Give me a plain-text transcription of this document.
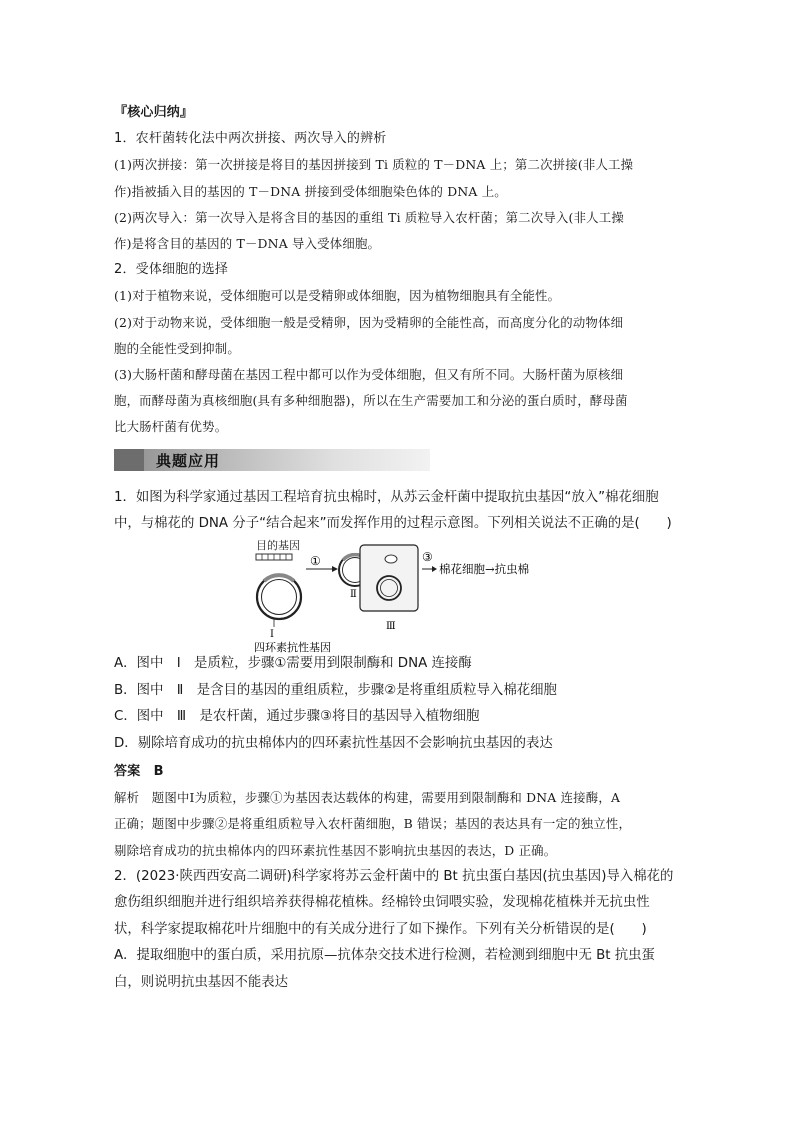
『核心归纳』
1．农杆菌转化法中两次拼接、两次导入的辨析
(1)两次拼接：第一次拼接是将目的基因拼接到 Ti 质粒的 T－DNA 上；第二次拼接(非人工操
作)指被插入目的基因的 T－DNA 拼接到受体细胞染色体的 DNA 上。
(2)两次导入：第一次导入是将含目的基因的重组 Ti 质粒导入农杆菌；第二次导入(非人工操
作)是将含目的基因的 T－DNA 导入受体细胞。
2．受体细胞的选择
(1)对于植物来说，受体细胞可以是受精卵或体细胞，因为植物细胞具有全能性。
(2)对于动物来说，受体细胞一般是受精卵，因为受精卵的全能性高，而高度分化的动物体细
胞的全能性受到抑制。
(3)大肠杆菌和酵母菌在基因工程中都可以作为受体细胞，但又有所不同。大肠杆菌为原核细
胞，而酵母菌为真核细胞(具有多种细胞器)，所以在生产需要加工和分泌的蛋白质时，酵母菌
比大肠杆菌有优势。
典题应用
1．如图为科学家通过基因工程培育抗虫棉时，从苏云金杆菌中提取抗虫基因“放入”棉花细胞
中，与棉花的 DNA 分子“结合起来”而发挥作用的过程示意图。下列相关说法不正确的是(　　)
目的基因
Ⅰ
①
Ⅱ
Ⅲ
③
棉花细胞→抗虫棉
四环素抗性基因
A．图中　Ⅰ　是质粒，步骤①需要用到限制酶和 DNA 连接酶
B．图中　Ⅱ　是含目的基因的重组质粒，步骤②是将重组质粒导入棉花细胞
C．图中　Ⅲ　是农杆菌，通过步骤③将目的基因导入植物细胞
D．剔除培育成功的抗虫棉体内的四环素抗性基因不会影响抗虫基因的表达
答案　B
解析　题图中Ⅰ为质粒，步骤①为基因表达载体的构建，需要用到限制酶和 DNA 连接酶，A
正确；题图中步骤②是将重组质粒导入农杆菌细胞，B 错误；基因的表达具有一定的独立性，
剔除培育成功的抗虫棉体内的四环素抗性基因不影响抗虫基因的表达，D 正确。
2．(2023·陕西西安高二调研)科学家将苏云金杆菌中的 Bt 抗虫蛋白基因(抗虫基因)导入棉花的
愈伤组织细胞并进行组织培养获得棉花植株。经棉铃虫饲喂实验，发现棉花植株并无抗虫性
状，科学家提取棉花叶片细胞中的有关成分进行了如下操作。下列有关分析错误的是(　　)
A．提取细胞中的蛋白质，采用抗原—抗体杂交技术进行检测，若检测到细胞中无 Bt 抗虫蛋
白，则说明抗虫基因不能表达
